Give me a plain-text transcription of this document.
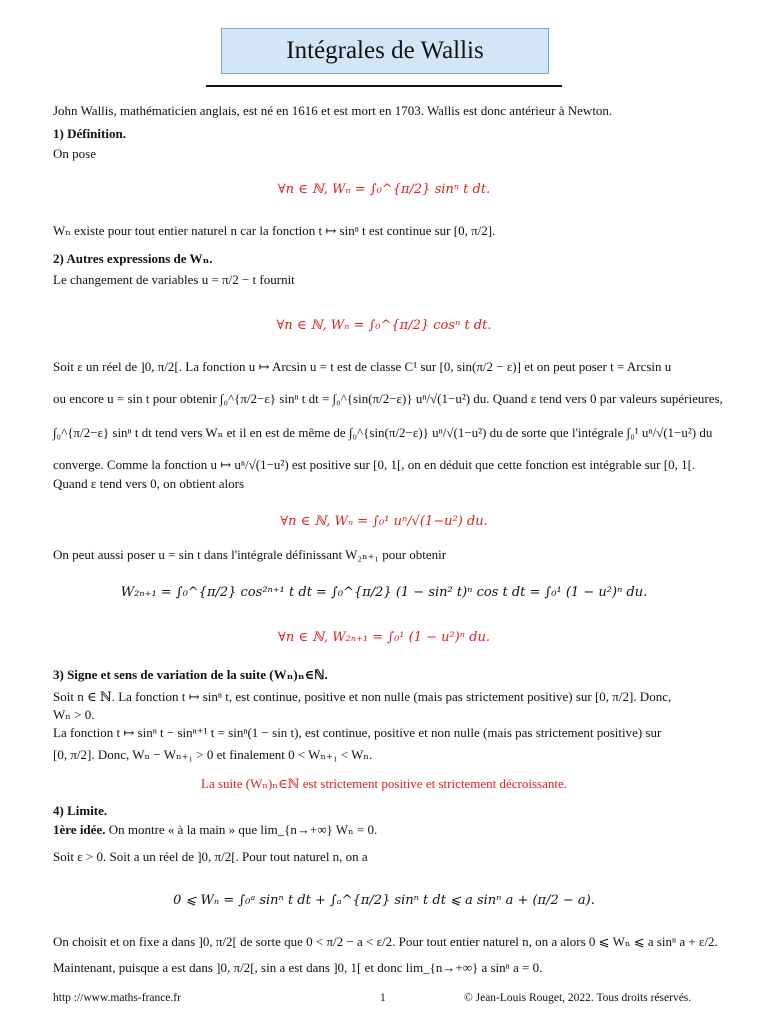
Intégrales de Wallis
John Wallis, mathématicien anglais, est né en 1616 et est mort en 1703. Wallis est donc antérieur à Newton.
1) Définition.
On pose
∀n ∈ ℕ, Wₙ = ∫₀^{π/2} sinⁿ t dt.
Wₙ existe pour tout entier naturel n car la fonction t ↦ sinⁿ t est continue sur [0, π/2].
2) Autres expressions de Wₙ.
Le changement de variables u = π/2 − t fournit
∀n ∈ ℕ, Wₙ = ∫₀^{π/2} cosⁿ t dt.
Soit ε un réel de ]0, π/2[. La fonction u ↦ Arcsin u = t est de classe C¹ sur [0, sin(π/2 − ε)] et on peut poser t = Arcsin u
ou encore u = sin t pour obtenir ∫₀^{π/2−ε} sinⁿ t dt = ∫₀^{sin(π/2−ε)} uⁿ/√(1−u²) du. Quand ε tend vers 0 par valeurs supérieures,
∫₀^{π/2−ε} sinⁿ t dt tend vers Wₙ et il en est de même de ∫₀^{sin(π/2−ε)} uⁿ/√(1−u²) du de sorte que l'intégrale ∫₀¹ uⁿ/√(1−u²) du
converge. Comme la fonction u ↦ uⁿ/√(1−u²) est positive sur [0, 1[, on en déduit que cette fonction est intégrable sur [0, 1[.
Quand ε tend vers 0, on obtient alors
∀n ∈ ℕ, Wₙ = ∫₀¹ uⁿ/√(1−u²) du.
On peut aussi poser u = sin t dans l'intégrale définissant W₂ₙ₊₁ pour obtenir
W₂ₙ₊₁ = ∫₀^{π/2} cos²ⁿ⁺¹ t dt = ∫₀^{π/2} (1 − sin² t)ⁿ cos t dt = ∫₀¹ (1 − u²)ⁿ du.
∀n ∈ ℕ, W₂ₙ₊₁ = ∫₀¹ (1 − u²)ⁿ du.
3) Signe et sens de variation de la suite (Wₙ)ₙ∈ℕ.
Soit n ∈ ℕ. La fonction t ↦ sinⁿ t, est continue, positive et non nulle (mais pas strictement positive) sur [0, π/2]. Donc,
Wₙ > 0.
La fonction t ↦ sinⁿ t − sinⁿ⁺¹ t = sinⁿ(1 − sin t), est continue, positive et non nulle (mais pas strictement positive) sur
[0, π/2]. Donc, Wₙ − Wₙ₊₁ > 0 et finalement 0 < Wₙ₊₁ < Wₙ.
La suite (Wₙ)ₙ∈ℕ est strictement positive et strictement décroissante.
4) Limite.
1ère idée. On montre « à la main » que lim_{n→+∞} Wₙ = 0.
Soit ε > 0. Soit a un réel de ]0, π/2[. Pour tout naturel n, on a
0 ⩽ Wₙ = ∫₀ᵃ sinⁿ t dt + ∫ₐ^{π/2} sinⁿ t dt ⩽ a sinⁿ a + (π/2 − a).
On choisit et on fixe a dans ]0, π/2[ de sorte que 0 < π/2 − a < ε/2. Pour tout entier naturel n, on a alors 0 ⩽ Wₙ ⩽ a sinⁿ a + ε/2.
Maintenant, puisque a est dans ]0, π/2[, sin a est dans ]0, 1[ et donc lim_{n→+∞} a sinⁿ a = 0.
http ://www.maths-france.fr	1	© Jean-Louis Rouget, 2022. Tous droits réservés.
